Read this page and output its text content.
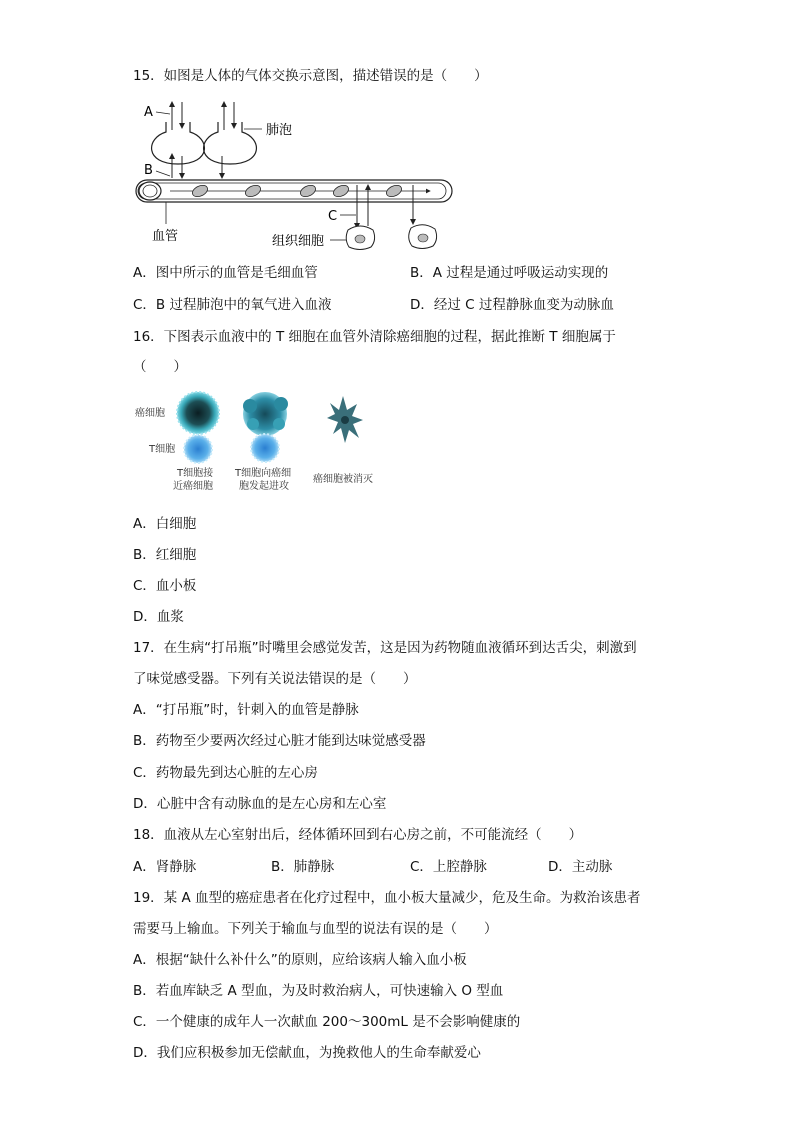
15．如图是人体的气体交换示意图，描述错误的是（　　）
A
肺泡
B
血管
C
组织细胞
A．图中所示的血管是毛细血管	B．A 过程是通过呼吸运动实现的
C．B 过程肺泡中的氧气进入血液	D．经过 C 过程静脉血变为动脉血
16．下图表示血液中的 T 细胞在血管外清除癌细胞的过程，据此推断 T 细胞属于
（　　）
癌细胞
T细胞
T细胞接
近癌细胞
T细胞向癌细
胞发起进攻
癌细胞被消灭
A．白细胞
B．红细胞
C．血小板
D．血浆
17．在生病“打吊瓶”时嘴里会感觉发苦，这是因为药物随血液循环到达舌尖，刺激到
了味觉感受器。下列有关说法错误的是（　　）
A．“打吊瓶”时，针刺入的血管是静脉
B．药物至少要两次经过心脏才能到达味觉感受器
C．药物最先到达心脏的左心房
D．心脏中含有动脉血的是左心房和左心室
18．血液从左心室射出后，经体循环回到右心房之前，不可能流经（　　）
A．肾静脉	B．肺静脉	C．上腔静脉	D．主动脉
19．某 A 血型的癌症患者在化疗过程中，血小板大量减少，危及生命。为救治该患者
需要马上输血。下列关于输血与血型的说法有误的是（　　）
A．根据“缺什么补什么”的原则，应给该病人输入血小板
B．若血库缺乏 A 型血，为及时救治病人，可快速输入 O 型血
C．一个健康的成年人一次献血 200～300mL 是不会影响健康的
D．我们应积极参加无偿献血，为挽救他人的生命奉献爱心
